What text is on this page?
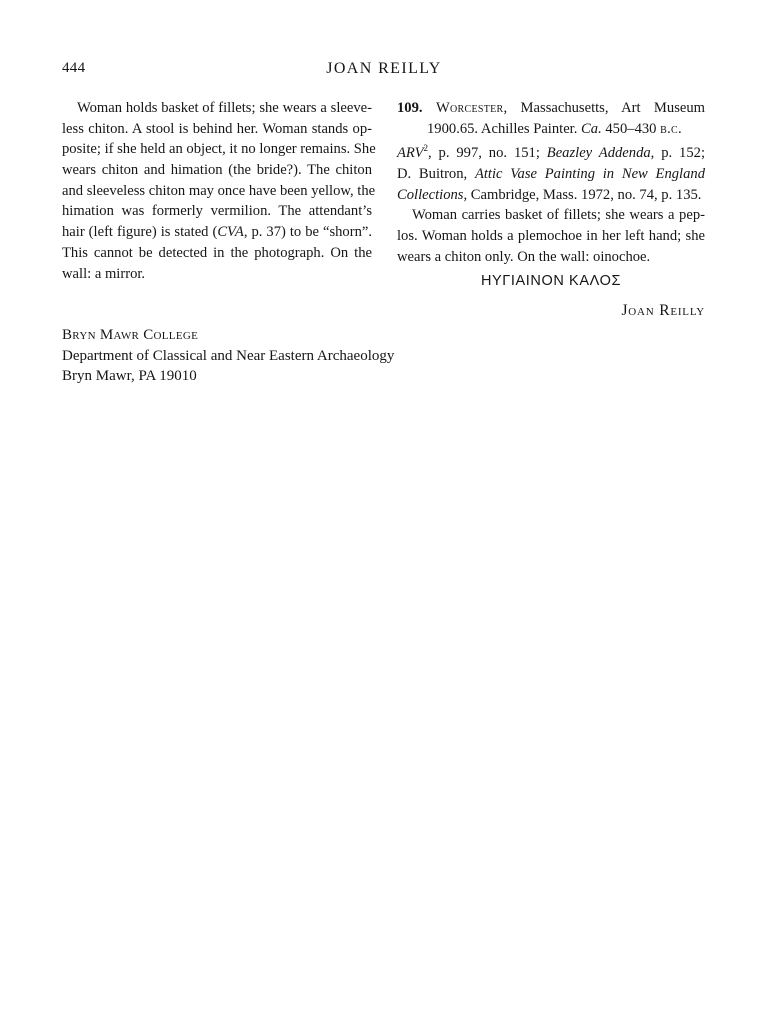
444	JOAN REILLY
Woman holds basket of fillets; she wears a sleeve-
less chiton. A stool is behind her. Woman stands op-
posite; if she held an object, it no longer remains. She
wears chiton and himation (the bride?). The chiton
and sleeveless chiton may once have been yellow, the
himation was formerly vermilion. The attendant’s
hair (left figure) is stated (CVA, p. 37) to be “shorn”.
This cannot be detected in the photograph. On the
wall: a mirror.
109. Worcester, Massachusetts, Art Museum
1900.65. Achilles Painter. Ca. 450–430 b.c.
ARV$^2$, p. 997, no. 151; Beazley Addenda, p. 152;
D. Buitron, Attic Vase Painting in New England
Collections, Cambridge, Mass. 1972, no. 74, p. 135.
Woman carries basket of fillets; she wears a pep-
los. Woman holds a plemochoe in her left hand; she
wears a chiton only. On the wall: oinochoe.
ΗΥΓΙΑΙΝΟΝ ΚΑΛΟΣ
Joan Reilly
Bryn Mawr College
Department of Classical and Near Eastern Archaeology
Bryn Mawr, PA 19010
